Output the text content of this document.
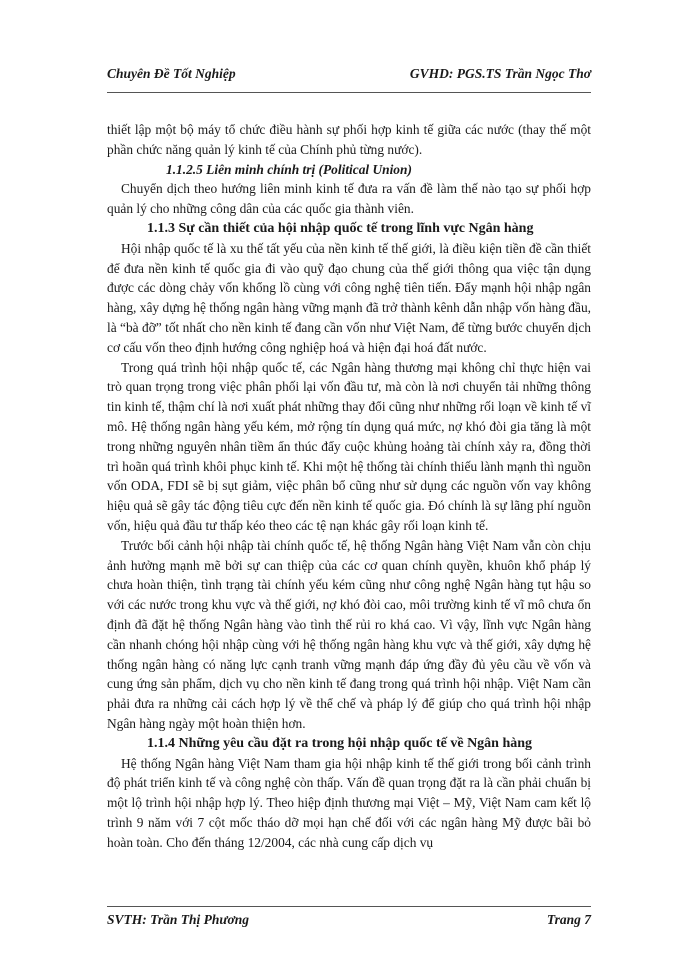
Chuyên Đề Tốt Nghiệp	GVHD: PGS.TS Trần Ngọc Thơ

thiết lập một bộ máy tổ chức điều hành sự phối hợp kinh tế giữa các nước (thay thế một phần chức năng quản lý kinh tế của Chính phủ từng nước).

1.1.2.5 Liên minh chính trị (Political Union)

Chuyển dịch theo hướng liên minh kinh tế đưa ra vấn đề làm thế nào tạo sự phối hợp quản lý cho những công dân của các quốc gia thành viên.

1.1.3 Sự cần thiết của hội nhập quốc tế trong lĩnh vực Ngân hàng

Hội nhập quốc tế là xu thế tất yếu của nền kinh tế thế giới, là điều kiện tiền đề cần thiết để đưa nền kinh tế quốc gia đi vào quỹ đạo chung của thế giới thông qua việc tận dụng được các dòng chảy vốn khổng lồ cùng với công nghệ tiên tiến. Đẩy mạnh hội nhập ngân hàng, xây dựng hệ thống ngân hàng vững mạnh đã trở thành kênh dẫn nhập vốn hàng đầu, là “bà đỡ” tốt nhất cho nền kinh tế đang cần vốn như Việt Nam, để từng bước chuyển dịch cơ cấu vốn theo định hướng công nghiệp hoá và hiện đại hoá đất nước.

Trong quá trình hội nhập quốc tế, các Ngân hàng thương mại không chỉ thực hiện vai trò quan trọng trong việc phân phối lại vốn đầu tư, mà còn là nơi chuyển tải những thông tin kinh tế, thậm chí là nơi xuất phát những thay đổi cũng như những rối loạn về kinh tế vĩ mô. Hệ thống ngân hàng yếu kém, mở rộng tín dụng quá mức, nợ khó đòi gia tăng là một trong những nguyên nhân tiềm ẩn thúc đẩy cuộc khủng hoảng tài chính xảy ra, đồng thời trì hoãn quá trình khôi phục kinh tế. Khi một hệ thống tài chính thiếu lành mạnh thì nguồn vốn ODA, FDI sẽ bị sụt giảm, việc phân bổ cũng như sử dụng các nguồn vốn vay không hiệu quả sẽ gây tác động tiêu cực đến nền kinh tế quốc gia. Đó chính là sự lãng phí nguồn vốn, hiệu quả đầu tư thấp kéo theo các tệ nạn khác gây rối loạn kinh tế.

Trước bối cảnh hội nhập tài chính quốc tế, hệ thống Ngân hàng Việt Nam vẫn còn chịu ảnh hưởng mạnh mẽ bởi sự can thiệp của các cơ quan chính quyền, khuôn khổ pháp lý chưa hoàn thiện, tình trạng tài chính yếu kém cũng như công nghệ Ngân hàng tụt hậu so với các nước trong khu vực và thế giới, nợ khó đòi cao, môi trường kinh tế vĩ mô chưa ổn định đã đặt hệ thống Ngân hàng vào tình thế rủi ro khá cao. Vì vậy, lĩnh vực Ngân hàng cần nhanh chóng hội nhập cùng với hệ thống ngân hàng khu vực và thế giới, xây dựng hệ thống ngân hàng có năng lực cạnh tranh vững mạnh đáp ứng đầy đủ yêu cầu về vốn và cung ứng sản phẩm, dịch vụ cho nền kinh tế đang trong quá trình hội nhập. Việt Nam cần phải đưa ra những cải cách hợp lý về thể chế và pháp lý để giúp cho quá trình hội nhập Ngân hàng ngày một hoàn thiện hơn.

1.1.4 Những yêu cầu đặt ra trong hội nhập quốc tế về Ngân hàng

Hệ thống Ngân hàng Việt Nam tham gia hội nhập kinh tế thế giới trong bối cảnh trình độ phát triển kinh tế và công nghệ còn thấp. Vấn đề quan trọng đặt ra là cần phải chuẩn bị một lộ trình hội nhập hợp lý. Theo hiệp định thương mại Việt – Mỹ, Việt Nam cam kết lộ trình 9 năm với 7 cột mốc tháo dỡ mọi hạn chế đối với các ngân hàng Mỹ được bãi bỏ hoàn toàn. Cho đến tháng 12/2004, các nhà cung cấp dịch vụ

SVTH: Trần Thị Phương	Trang 7
